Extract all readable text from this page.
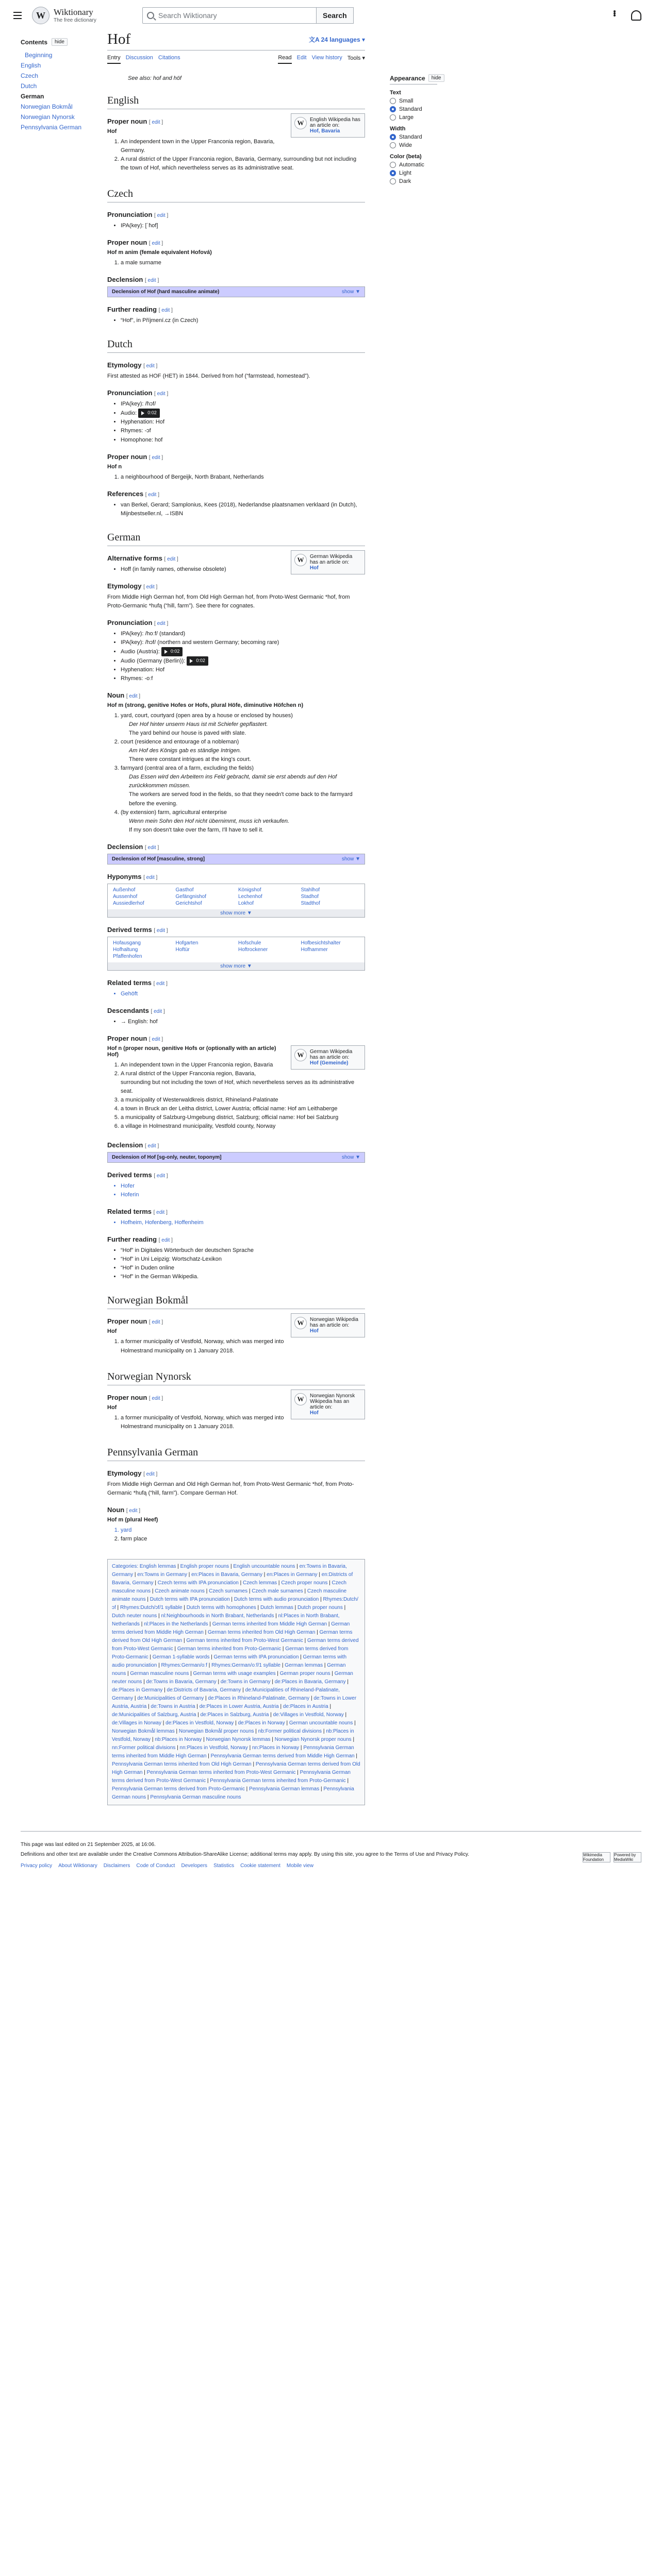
W Wiktionary
The free dictionary
Search Wiktionary	Search
Contents	hide
Beginning
English
Czech
Dutch
German
Norwegian Bokmål
Norwegian Nynorsk
Pennsylvania German
Hof	文A 24 languages ▾
Entry Discussion Citations	Read Edit View history Tools ▾
See also: hof and höf
English
W	English Wikipedia has an article on:
Hof, Bavaria
Proper noun [ edit ]
Hof
1. An independent town in the Upper Franconia region, Bavaria, Germany.
2. A rural district of the Upper Franconia region, Bavaria, Germany, surrounding but not including the town of Hof, which nevertheless serves as its administrative seat.
Czech
Pronunciation [ edit ]
• IPA(key): [ˈɦof]
Proper noun [ edit ]
Hof m anim (female equivalent Hofová)
1. a male surname
Declension [ edit ]
Declension of Hof (hard masculine animate)	show ▼
Further reading [ edit ]
• “Hof”, in Příjmení.cz (in Czech)
Dutch
Etymology [ edit ]

First attested as HOF (HET) in 1844. Derived from hof (“farmstead, homestead”).

Pronunciation [ edit ]
• IPA(key): /ɦɔf/
• Audio: 0:02
• Hyphenation: Hof
• Rhymes: -ɔf
• Homophone: hof
Proper noun [ edit ]
Hof n
1. a neighbourhood of Bergeijk, North Brabant, Netherlands
References [ edit ]
• van Berkel, Gerard; Samplonius, Kees (2018), Nederlandse plaatsnamen verklaard (in Dutch), Mijnbestseller.nl, →ISBN
German
W	German Wikipedia has an article on:
Hof
Alternative forms [ edit ]
• Hoff (in family names, otherwise obsolete)
Etymology [ edit ]

From Middle High German hof, from Old High German hof, from Proto-West Germanic *hof, from Proto-Germanic *hufą (“hill, farm”). See there for cognates.

Pronunciation [ edit ]
• IPA(key): /hoːf/ (standard)
• IPA(key): /hɔf/ (northern and western Germany; becoming rare)
• Audio (Austria): 0:02
• Audio (Germany (Berlin)): 0:02
• Hyphenation: Hof
• Rhymes: -oːf
Noun [ edit ]
Hof m (strong, genitive Hofes or Hofs, plural Höfe, diminutive Höfchen n)
1. yard, court, courtyard (open area by a house or enclosed by houses)
Der Hof hinter unserm Haus ist mit Schiefer gepflastert.
The yard behind our house is paved with slate.
2. court (residence and entourage of a nobleman)
Am Hof des Königs gab es ständige Intrigen.
There were constant intrigues at the king's court.
3. farmyard (central area of a farm, excluding the fields)
Das Essen wird den Arbeitern ins Feld gebracht, damit sie erst abends auf den Hof zurückkommen müssen.
The workers are served food in the fields, so that they needn't come back to the farmyard before the evening.
4. (by extension) farm, agricultural enterprise
Wenn mein Sohn den Hof nicht übernimmt, muss ich verkaufen.
If my son doesn't take over the farm, I'll have to sell it.
Declension [ edit ]
Declension of Hof [masculine, strong]	show ▼
Hyponyms [ edit ]
Außenhof	Gasthof	Königshof	Stahlhof
Aussenhof	Gefängnishof	Lechenhof	Stadhof
Aussiedlerhof	Gerichtshof	Lokhof	Stadthof
show more ▼
Derived terms [ edit ]
Hofausgang	Hofgarten	Hofschule	Hofbesichtshalter
Hofhaltung	Hoftür	Hoftrockener	Hofhammer
Pfaffenhofen
show more ▼
Related terms [ edit ]
• Gehöft
Descendants [ edit ]
• → English: hof
Proper noun [ edit ]
W	German Wikipedia has an article on:
Hof (Gemeinde)
Hof n (proper noun, genitive Hofs or (optionally with an article) Hof)
1. An independent town in the Upper Franconia region, Bavaria
2. A rural district of the Upper Franconia region, Bavaria, surrounding but not including the town of Hof, which nevertheless serves as its administrative seat.
3. a municipality of Westerwaldkreis district, Rhineland-Palatinate
4. a town in Bruck an der Leitha district, Lower Austria; official name: Hof am Leithaberge
5. a municipality of Salzburg-Umgebung district, Salzburg; official name: Hof bei Salzburg
6. a village in Holmestrand municipality, Vestfold county, Norway
Declension [ edit ]
Declension of Hof [sg-only, neuter, toponym]	show ▼
Derived terms [ edit ]
• Hofer
• Hoferin
Related terms [ edit ]
• Hofheim, Hofenberg, Hoffenheim
Further reading [ edit ]
• “Hof” in Digitales Wörterbuch der deutschen Sprache
• “Hof” in Uni Leipzig: Wortschatz-Lexikon
• “Hof” in Duden online
• “Hof” in the German Wikipedia.
Norwegian Bokmål
W	Norwegian Wikipedia has an article on:
Hof
Proper noun [ edit ]
Hof
1. a former municipality of Vestfold, Norway, which was merged into Holmestrand municipality on 1 January 2018.
Norwegian Nynorsk
W	Norwegian Nynorsk Wikipedia has an article on:
Hof
Proper noun [ edit ]
Hof
1. a former municipality of Vestfold, Norway, which was merged into Holmestrand municipality on 1 January 2018.
Pennsylvania German
Etymology [ edit ]

From Middle High German and Old High German hof, from Proto-West Germanic *hof, from Proto-Germanic *hufą (“hill, farm”). Compare German Hof.

Noun [ edit ]
Hof m (plural Heef)
1. yard
2. farm place
Categories: English lemmas | English proper nouns | English uncountable nouns | en:Towns in Bavaria, Germany | en:Towns in Germany | en:Places in Bavaria, Germany | en:Places in Germany | en:Districts of Bavaria, Germany | Czech terms with IPA pronunciation | Czech lemmas | Czech proper nouns | Czech masculine nouns | Czech animate nouns | Czech surnames | Czech male surnames | Czech masculine animate nouns | Dutch terms with IPA pronunciation | Dutch terms with audio pronunciation | Rhymes:Dutch/ɔf | Rhymes:Dutch/ɔf/1 syllable | Dutch terms with homophones | Dutch lemmas | Dutch proper nouns | Dutch neuter nouns | nl:Neighbourhoods in North Brabant, Netherlands | nl:Places in North Brabant, Netherlands | nl:Places in the Netherlands | German terms inherited from Middle High German | German terms derived from Middle High German | German terms inherited from Old High German | German terms derived from Old High German | German terms inherited from Proto-West Germanic | German terms derived from Proto-West Germanic | German terms inherited from Proto-Germanic | German terms derived from Proto-Germanic | German 1-syllable words | German terms with IPA pronunciation | German terms with audio pronunciation | Rhymes:German/oːf | Rhymes:German/oːf/1 syllable | German lemmas | German nouns | German masculine nouns | German terms with usage examples | German proper nouns | German neuter nouns | de:Towns in Bavaria, Germany | de:Towns in Germany | de:Places in Bavaria, Germany | de:Places in Germany | de:Districts of Bavaria, Germany | de:Municipalities of Rhineland-Palatinate, Germany | de:Municipalities of Germany | de:Places in Rhineland-Palatinate, Germany | de:Towns in Lower Austria, Austria | de:Towns in Austria | de:Places in Lower Austria, Austria | de:Places in Austria | de:Municipalities of Salzburg, Austria | de:Places in Salzburg, Austria | de:Villages in Vestfold, Norway | de:Villages in Norway | de:Places in Vestfold, Norway | de:Places in Norway | German uncountable nouns | Norwegian Bokmål lemmas | Norwegian Bokmål proper nouns | nb:Former political divisions | nb:Places in Vestfold, Norway | nb:Places in Norway | Norwegian Nynorsk lemmas | Norwegian Nynorsk proper nouns | nn:Former political divisions | nn:Places in Vestfold, Norway | nn:Places in Norway | Pennsylvania German terms inherited from Middle High German | Pennsylvania German terms derived from Middle High German | Pennsylvania German terms inherited from Old High German | Pennsylvania German terms derived from Old High German | Pennsylvania German terms inherited from Proto-West Germanic | Pennsylvania German terms derived from Proto-West Germanic | Pennsylvania German terms inherited from Proto-Germanic | Pennsylvania German terms derived from Proto-Germanic | Pennsylvania German lemmas | Pennsylvania German nouns | Pennsylvania German masculine nouns
Appearance	hide
Text
Small
Standard
Large
Width
Standard
Wide
Color (beta)
Automatic
Light
Dark

This page was last edited on 21 September 2025, at 16:06.

Definitions and other text are available under the Creative Commons Attribution-ShareAlike License; additional terms may apply. By using this site, you agree to the Terms of Use and Privacy Policy.

Privacy policy About Wiktionary Disclaimers Code of Conduct Developers Statistics Cookie statement Mobile view
Wikimedia Foundation
Powered by MediaWiki
